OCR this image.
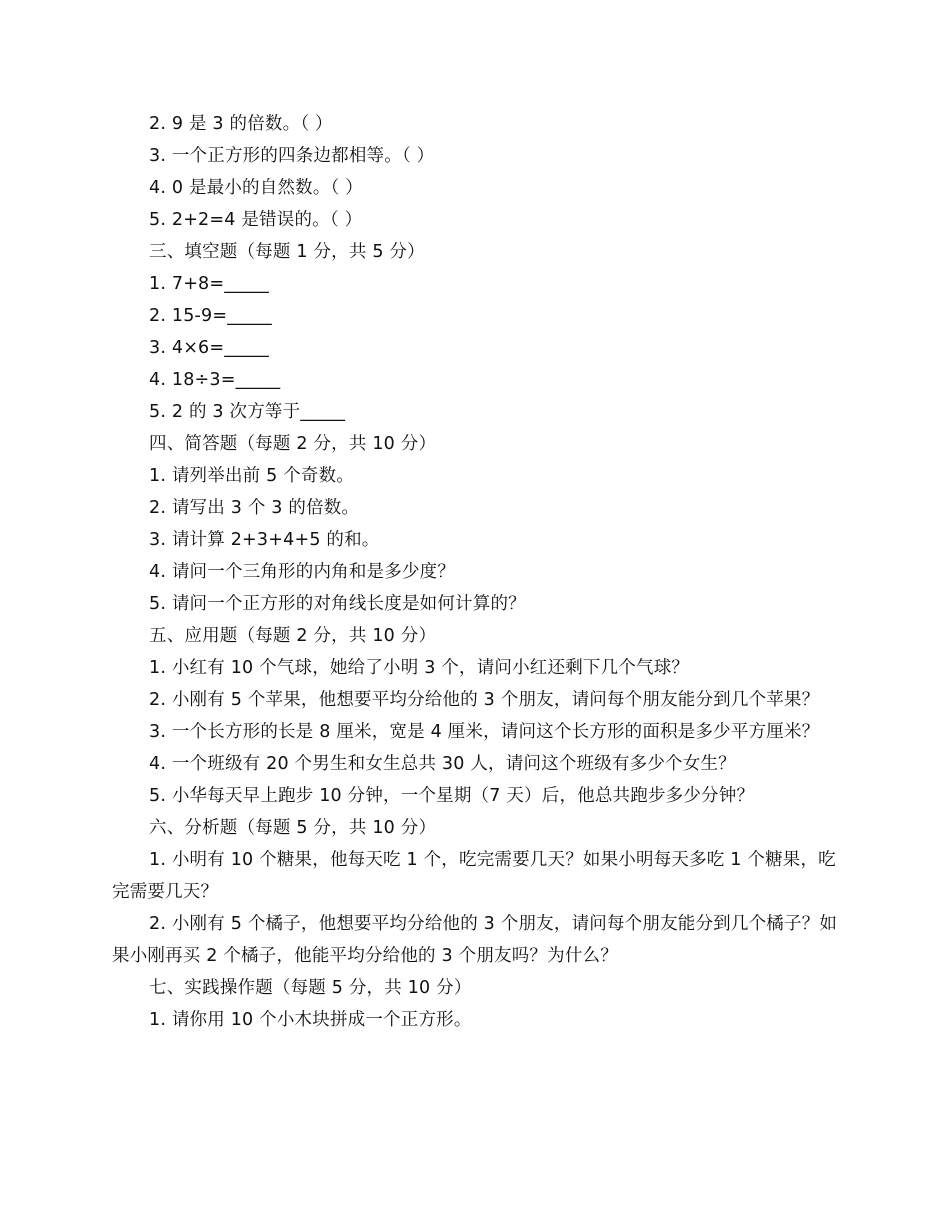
2. 9 是 3 的倍数。（ ）

3. 一个正方形的四条边都相等。（ ）

4. 0 是最小的自然数。（ ）

5. 2+2=4 是错误的。（ ）

三、填空题（每题 1 分，共 5 分）

1. 7+8=_____

2. 15-9=_____

3. 4×6=_____

4. 18÷3=_____

5. 2 的 3 次方等于_____

四、简答题（每题 2 分，共 10 分）

1. 请列举出前 5 个奇数。

2. 请写出 3 个 3 的倍数。

3. 请计算 2+3+4+5 的和。

4. 请问一个三角形的内角和是多少度？

5. 请问一个正方形的对角线长度是如何计算的？

五、应用题（每题 2 分，共 10 分）

1. 小红有 10 个气球，她给了小明 3 个，请问小红还剩下几个气球？

2. 小刚有 5 个苹果，他想要平均分给他的 3 个朋友，请问每个朋友能分到几个苹果？

3. 一个长方形的长是 8 厘米，宽是 4 厘米，请问这个长方形的面积是多少平方厘米？

4. 一个班级有 20 个男生和女生总共 30 人，请问这个班级有多少个女生？

5. 小华每天早上跑步 10 分钟，一个星期（7 天）后，他总共跑步多少分钟？

六、分析题（每题 5 分，共 10 分）

1. 小明有 10 个糖果，他每天吃 1 个，吃完需要几天？如果小明每天多吃 1 个糖果，吃完需要几天？

2. 小刚有 5 个橘子，他想要平均分给他的 3 个朋友，请问每个朋友能分到几个橘子？如果小刚再买 2 个橘子，他能平均分给他的 3 个朋友吗？为什么？

七、实践操作题（每题 5 分，共 10 分）

1. 请你用 10 个小木块拼成一个正方形。
